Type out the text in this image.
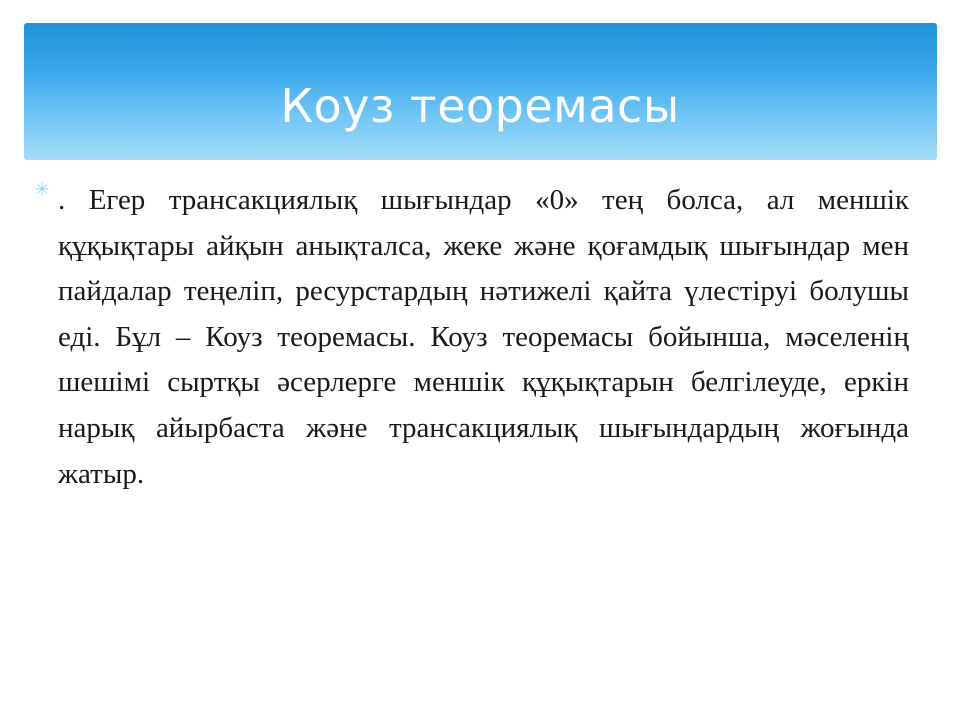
Коуз теоремасы
✳ . Егер трансакциялық шығындар «0» тең болса, ал меншік құқықтары айқын анықталса, жеке және қоғамдық шығындар мен пайдалар теңеліп, ресурстардың нәтижелі қайта үлестіруі болушы еді. Бұл – Коуз теоремасы. Коуз теоремасы бойынша, мәселенің шешімі сыртқы әсерлерге меншік құқықтарын белгілеуде, еркін нарық айырбаста және трансакциялық шығындардың жоғында жатыр.
